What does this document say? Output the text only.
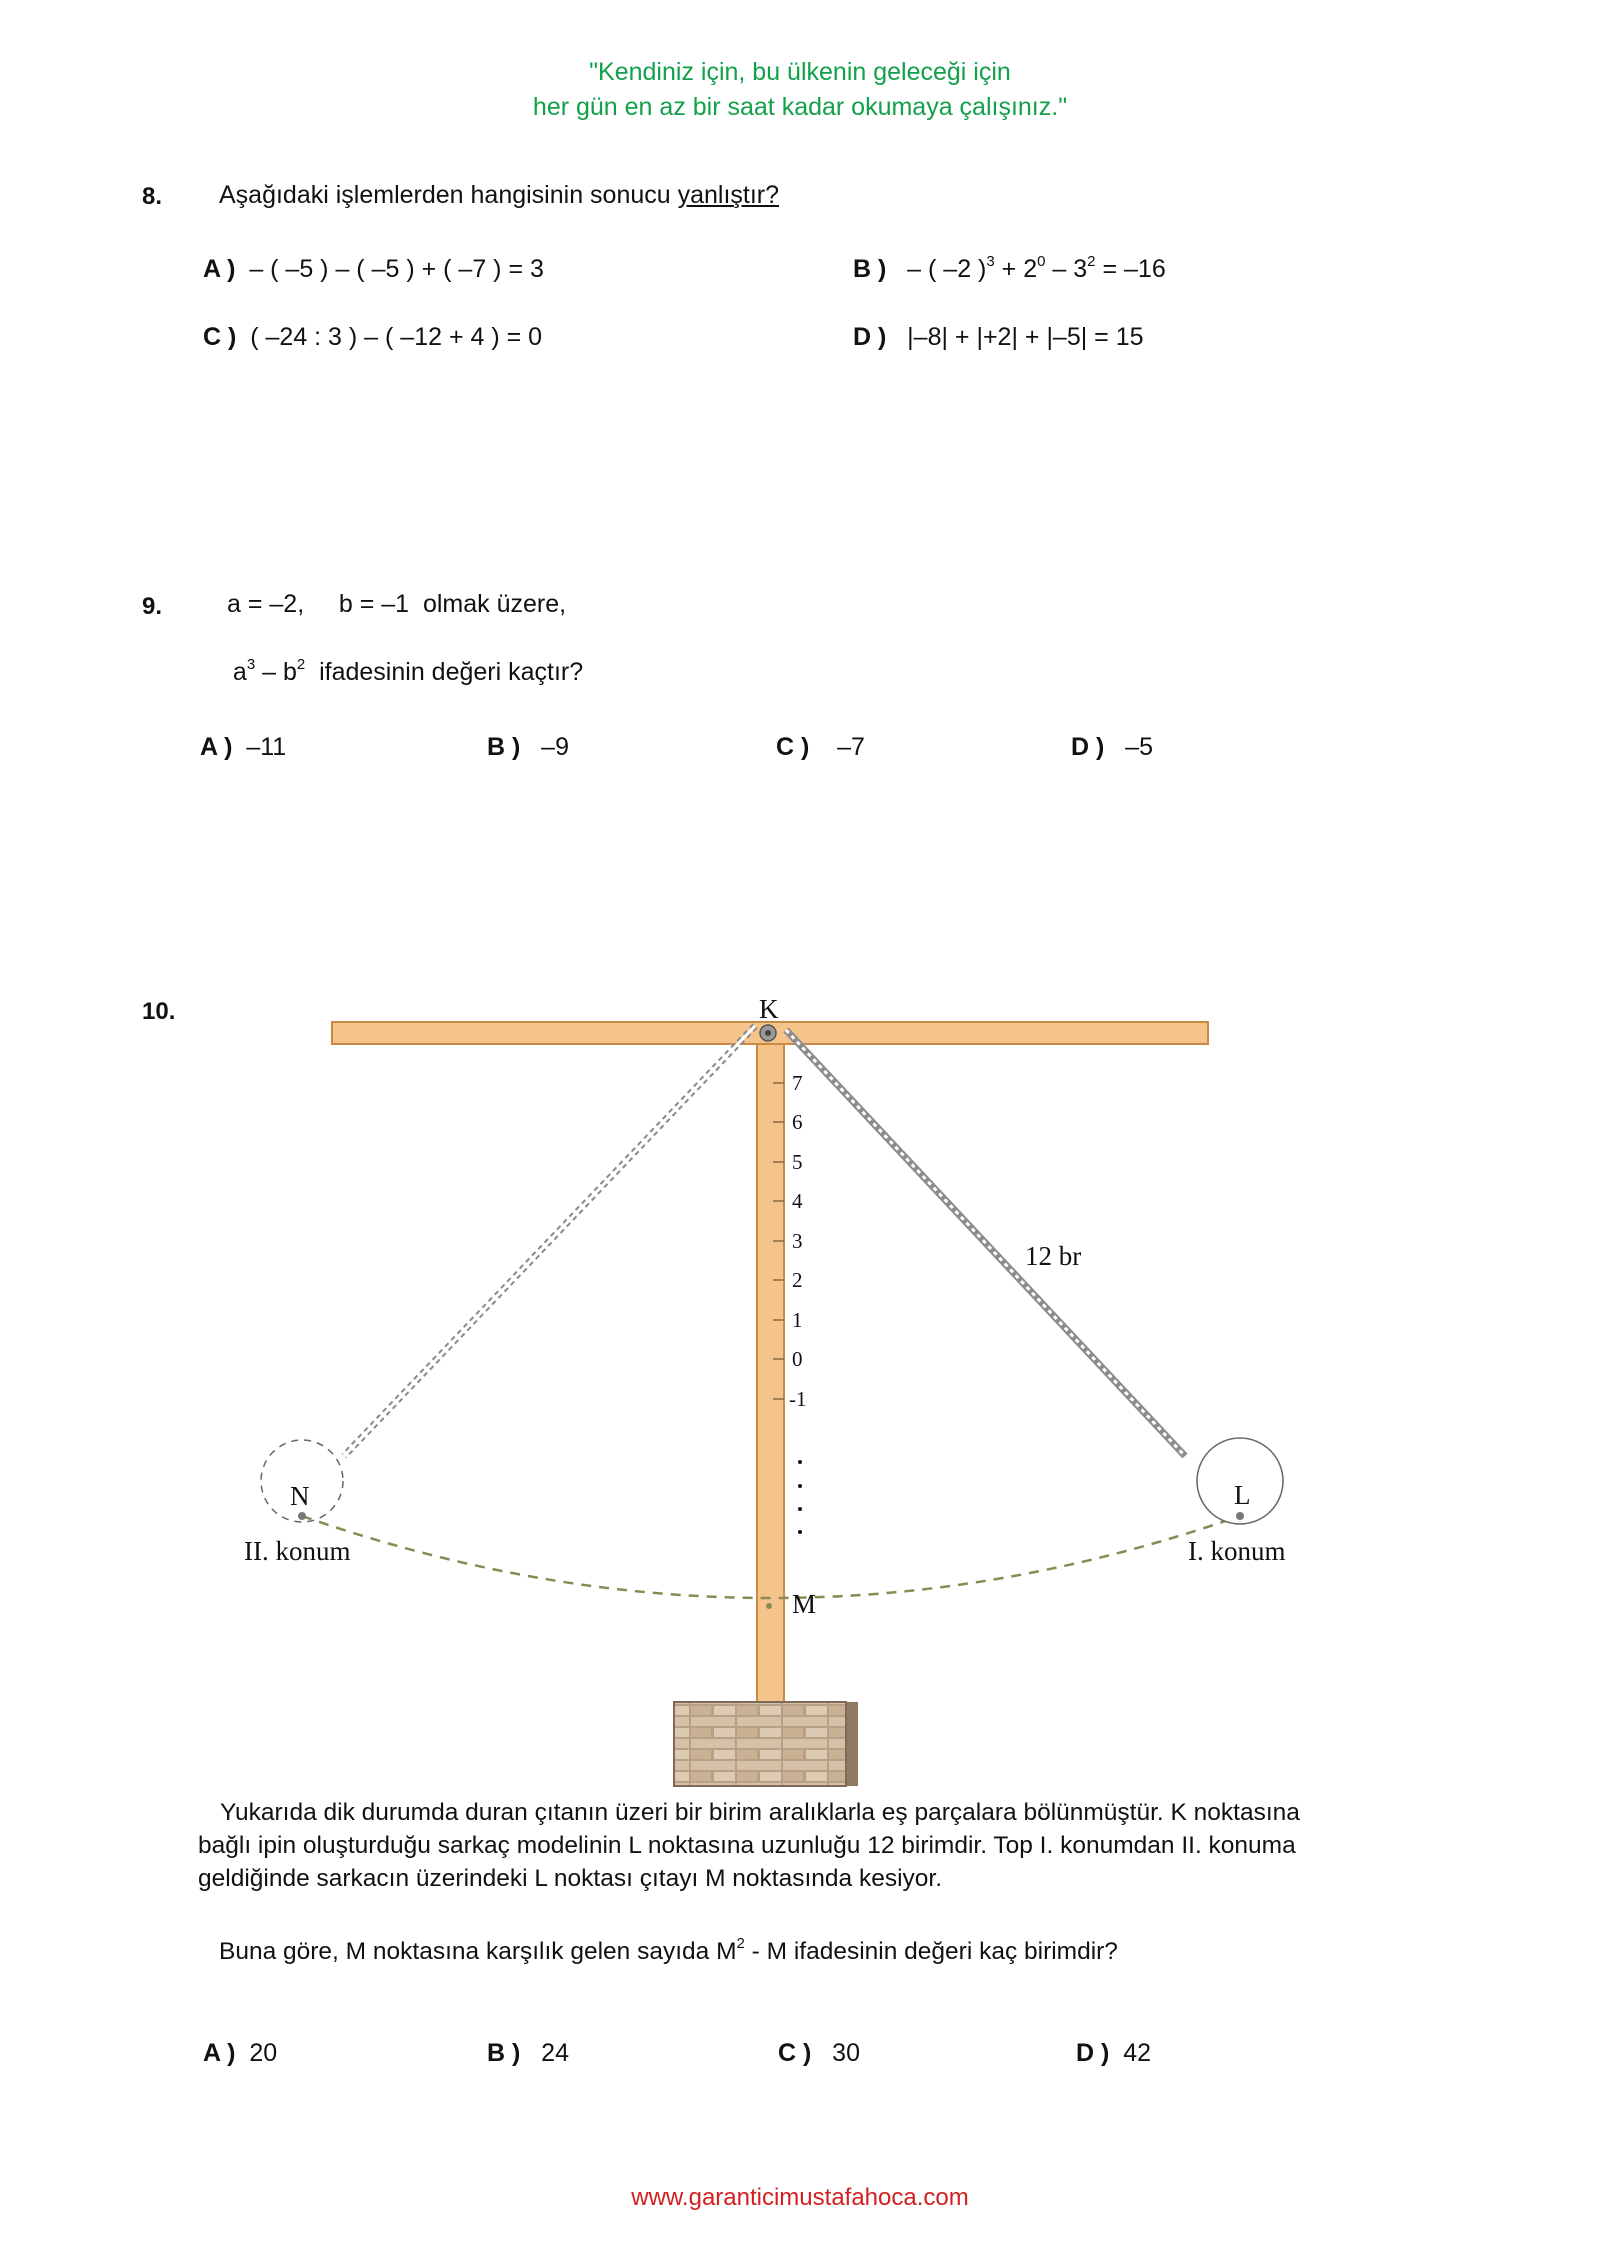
"Kendiniz için, bu ülkenin geleceği için
her gün en az bir saat kadar okumaya çalışınız."
8. Aşağıdaki işlemlerden hangisinin sonucu yanlıştır?
A ) – ( –5 ) – ( –5 ) + ( –7 ) = 3	B ) – ( –2 )$^3 + 2^0 - 3^2 = -16$
C ) ( –24 : 3 ) – ( –12 + 4 ) = 0	D ) |–8| + |+2| + |–5| = 15
9.	a = –2,     b = –1  olmak üzere,

$a^3 - b^2$  ifadesinin değeri kaçtır?

A ) –11	B ) –9	C ) –7	D ) –5
10.
7
6
5
4
3
2
1
0
-1
K
N	L
M
12 br
II. konum	I. konum
Yukarıda dik durumda duran çıtanın üzeri bir birim aralıklarla eş parçalara bölünmüştür. K noktasına
bağlı ipin oluşturduğu sarkaç modelinin L noktasına uzunluğu 12 birimdir. Top I. konumdan II. konuma
geldiğinde sarkacın üzerindeki L noktası çıtayı M noktasında kesiyor.
Buna göre, M noktasına karşılık gelen sayıda $M^2$ - M ifadesinin değeri kaç birimdir?
A ) 20	B ) 24	C ) 30	D ) 42
www.garanticimustafahoca.com
